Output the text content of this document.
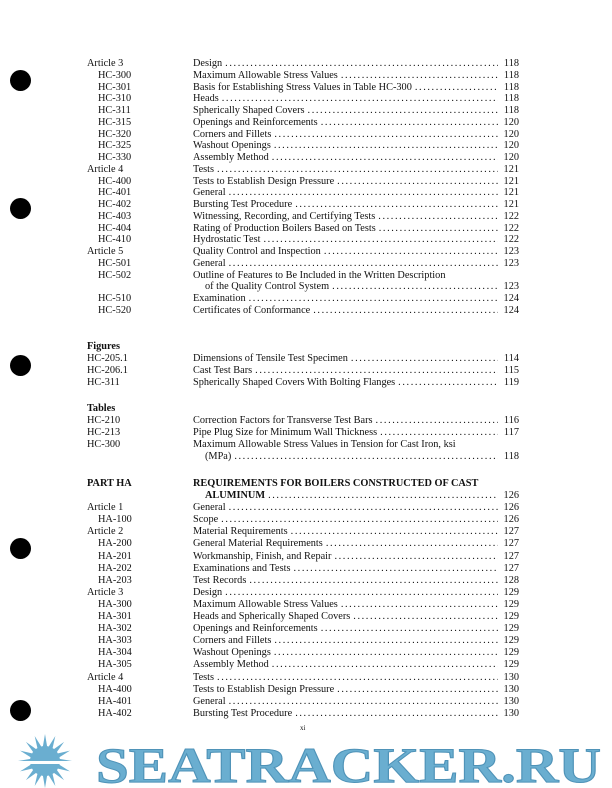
Article 3	Design .....	118
HC-300	Maximum Allowable Stress Values .....	118
HC-301	Basis for Establishing Stress Values in Table HC-300 .....	118
HC-310	Heads .....	118
HC-311	Spherically Shaped Covers .....	118
HC-315	Openings and Reinforcements .....	120
HC-320	Corners and Fillets .....	120
HC-325	Washout Openings .....	120
HC-330	Assembly Method .....	120
Article 4	Tests .....	121
HC-400	Tests to Establish Design Pressure .....	121
HC-401	General .....	121
HC-402	Bursting Test Procedure .....	121
HC-403	Witnessing, Recording, and Certifying Tests .....	122
HC-404	Rating of Production Boilers Based on Tests .....	122
HC-410	Hydrostatic Test .....	122
Article 5	Quality Control and Inspection .....	123
HC-501	General .....	123
HC-502	Outline of Features to Be Included in the Written Description
of the Quality Control System .....	123
HC-510	Examination .....	124
HC-520	Certificates of Conformance .....	124
Figures
HC-205.1	Dimensions of Tensile Test Specimen .....	114
HC-206.1	Cast Test Bars .....	115
HC-311	Spherically Shaped Covers With Bolting Flanges .....	119
Tables
HC-210	Correction Factors for Transverse Test Bars .....	116
HC-213	Pipe Plug Size for Minimum Wall Thickness .....	117
HC-300	Maximum Allowable Stress Values in Tension for Cast Iron, ksi
(MPa) .....	118
PART HA	REQUIREMENTS FOR BOILERS CONSTRUCTED OF CAST
ALUMINUM .....	126
Article 1	General .....	126
HA-100	Scope .....	126
Article 2	Material Requirements .....	127
HA-200	General Material Requirements .....	127
HA-201	Workmanship, Finish, and Repair .....	127
HA-202	Examinations and Tests .....	127
HA-203	Test Records .....	128
Article 3	Design .....	129
HA-300	Maximum Allowable Stress Values .....	129
HA-301	Heads and Spherically Shaped Covers .....	129
HA-302	Openings and Reinforcements .....	129
HA-303	Corners and Fillets .....	129
HA-304	Washout Openings .....	129
HA-305	Assembly Method .....	129
Article 4	Tests .....	130
HA-400	Tests to Establish Design Pressure .....	130
HA-401	General .....	130
HA-402	Bursting Test Procedure .....	130
xi
SEATRACKER.RU
